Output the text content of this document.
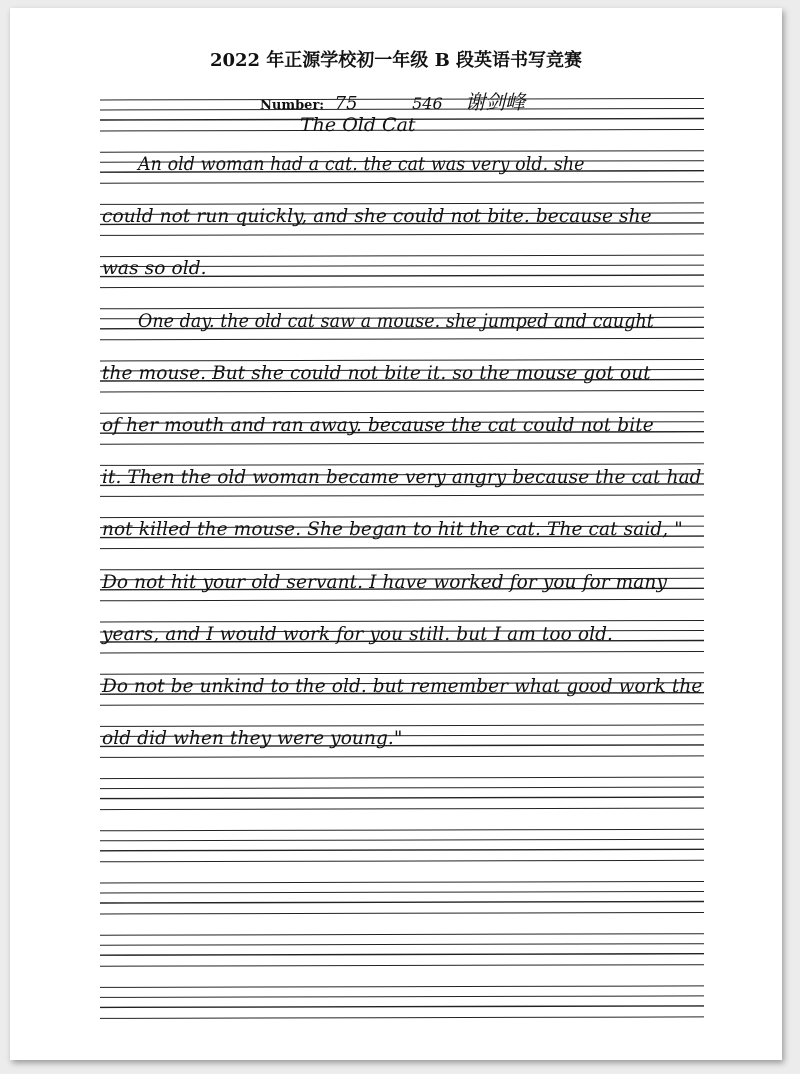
2022 年正源学校初一年级 B 段英语书写竞赛
Number: 75	546 谢剑峰
The Old Cat
An old woman had a cat. the cat was very old. she
could not run quickly, and she could not bite. because she
was so old.
One day. the old cat saw a mouse. she jumped and caught
the mouse. But she could not bite it. so the mouse got out
of her mouth and ran away. because the cat could not bite
it. Then the old woman became very angry because the cat had
not killed the mouse. She began to hit the cat. The cat said, "
Do not hit your old servant. I have worked for you for many
years, and I would work for you still. but I am too old.
Do not be unkind to the old. but remember what good work the
old did when they were young."
